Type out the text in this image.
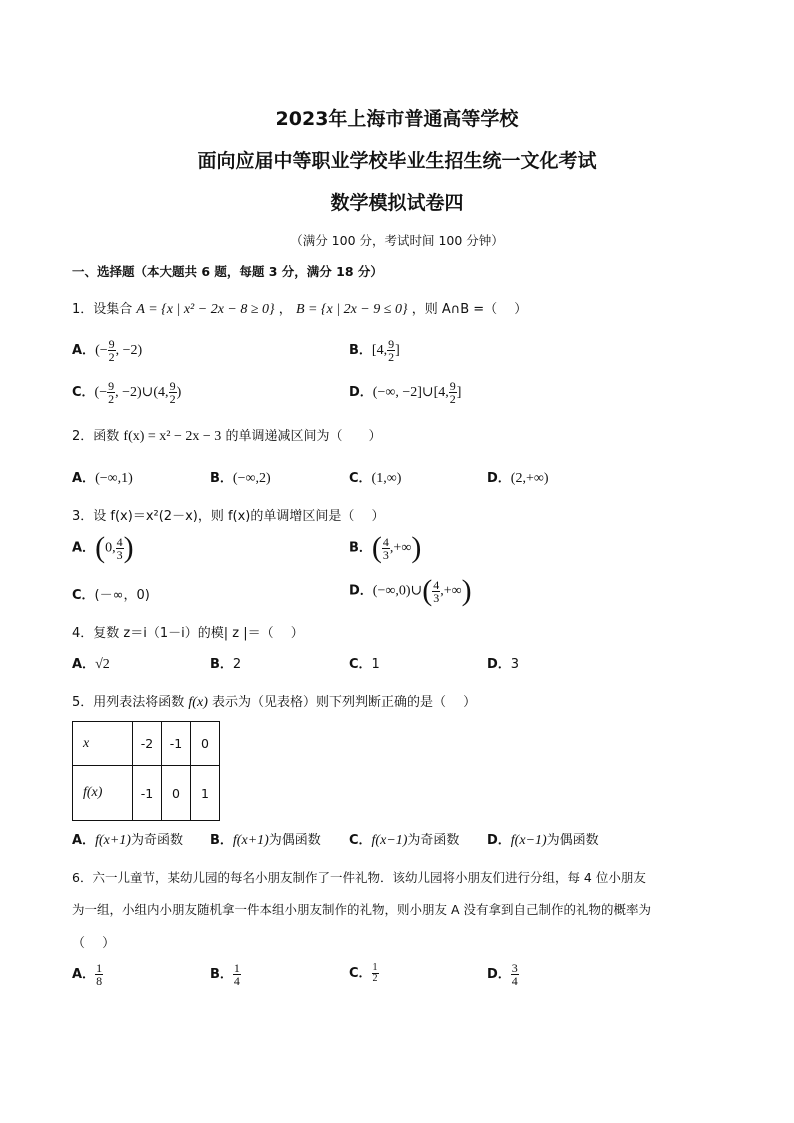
2023年上海市普通高等学校
面向应届中等职业学校毕业生招生统一文化考试
数学模拟试卷四
（满分 100 分，考试时间 100 分钟）
一、选择题（本大题共 6 题，每题 3 分，满分 18 分）
1．设集合 A = {x | x² − 2x − 8 ≥ 0} ， B = {x | 2x − 9 ≤ 0} ，则 A∩B =（　 ）
A．(− $\frac{9}{2}$ , −2)	B．[4, $\frac{9}{2}$ ]
C．(− $\frac{9}{2}$ , −2)∪(4, $\frac{9}{2}$ )	D．(−∞, −2]∪[4, $\frac{9}{2}$ ]
2．函数 f(x) = x² − 2x − 3 的单调递减区间为（　　）
A．(−∞,1)	B．(−∞,2)	C．(1,∞)	D．(2,+∞)
3．设 f(x)＝x²(2－x)，则 f(x)的单调增区间是（　 ）
A．(0, $\frac{4}{3}$ )	B．( $\frac{4}{3}$ ,+∞)
C．(－∞，0)	D．(−∞,0)∪( $\frac{4}{3}$ ,+∞)
4．复数 z＝i（1－i）的模| z |＝（　 ）
A．√2	B．2	C．1	D．3
5．用列表法将函数 f(x) 表示为（见表格）则下列判断正确的是（　 ）
x	-2	-1	0
f(x)	-1	0	1
A．f(x+1)为奇函数 B．f(x+1)为偶函数 C．f(x−1)为奇函数 D．f(x−1)为偶函数
6．六一儿童节，某幼儿园的每名小朋友制作了一件礼物．该幼儿园将小朋友们进行分组，每 4 位小朋友
为一组，小组内小朋友随机拿一件本组小朋友制作的礼物，则小朋友 A 没有拿到自己制作的礼物的概率为
（　 ）
A． $\frac{1}{8}$	B． $\frac{1}{4}$	C． $\frac{1}{2}$	D． $\frac{3}{4}$
